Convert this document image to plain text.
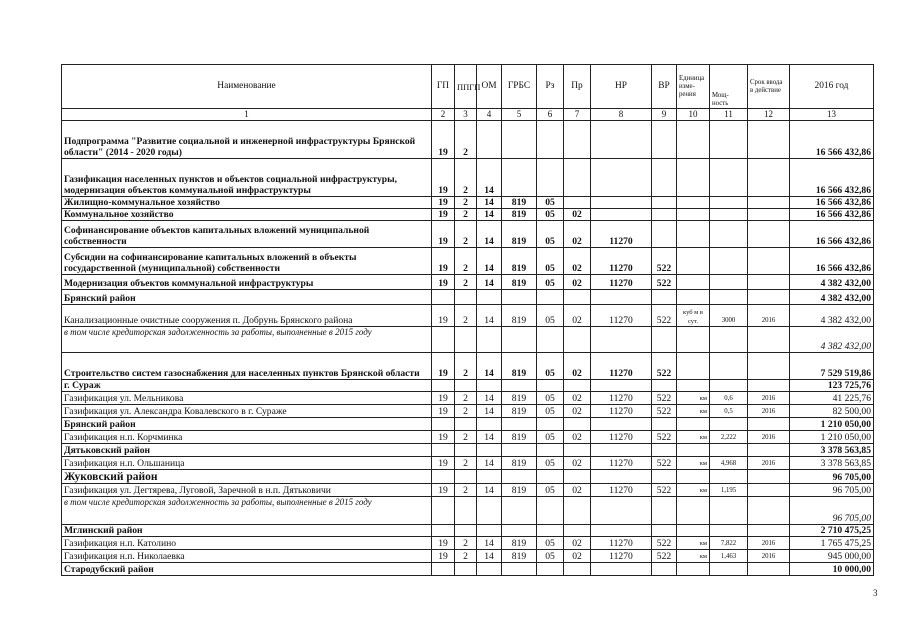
Наименование	ГП	ППГП	ОМ	ГРБС	Рз	Пр	НР	ВР	Единица изме-рения	Мощ-ность	Срок ввода в действие	2016 год
1	2	3	4	5	6	7	8	9	10	11	12	13
Подпрограмма "Развитие социальной и инженерной инфраструктуры Брянской области" (2014 - 2020 годы)	19	2										16 566 432,86
Газификация населенных пунктов и объектов социальной инфраструктуры, модернизация объектов коммунальной инфраструктуры	19	2	14									16 566 432,86
Жилищно-коммунальное хозяйство	19	2	14	819	05							16 566 432,86
Коммунальное хозяйство	19	2	14	819	05	02						16 566 432,86
Софинансирование объектов капитальных вложений муниципальной собственности	19	2	14	819	05	02	11270					16 566 432,86
Субсидии на софинансирование капитальных вложений в объекты государственной (муниципальной) собственности	19	2	14	819	05	02	11270	522				16 566 432,86
Модернизация объектов коммунальной инфраструктуры	19	2	14	819	05	02	11270	522				4 382 432,00
Брянский район												4 382 432,00
Канализационные очистные сооружения п. Добрунь Брянского района	19	2	14	819	05	02	11270	522	куб м в сут.	3000	2016	4 382 432,00
в том числе кредиторская задолженность за работы, выполненные в 2015 году												4 382 432,00
Строительство систем газоснабжения для населенных пунктов Брянской области	19	2	14	819	05	02	11270	522				7 529 519,86
г. Сураж												123 725,76
Газификация ул. Мельникова	19	2	14	819	05	02	11270	522	км	0,6	2016	41 225,76
Газификация ул. Александра Ковалевского в г. Сураже	19	2	14	819	05	02	11270	522	км	0,5	2016	82 500,00
Брянский район												1 210 050,00
Газификация н.п. Корчминка	19	2	14	819	05	02	11270	522	км	2,222	2016	1 210 050,00
Дятьковский район												3 378 563,85
Газификация н.п. Ольшаница	19	2	14	819	05	02	11270	522	км	4,968	2016	3 378 563,85
Жуковский район												96 705,00
Газификация ул. Дегтярева, Луговой, Заречной в н.п. Дятьковичи	19	2	14	819	05	02	11270	522	км	1,195		96 705,00
в том числе кредиторская задолженность за работы, выполненные в 2015 году												96 705,00
Мглинский район												2 710 475,25
Газификация н.п. Католино	19	2	14	819	05	02	11270	522	км	7,822	2016	1 765 475,25
Газификация н.п. Николаевка	19	2	14	819	05	02	11270	522	км	1,463	2016	945 000,00
Стародубский район												10 000,00
3
